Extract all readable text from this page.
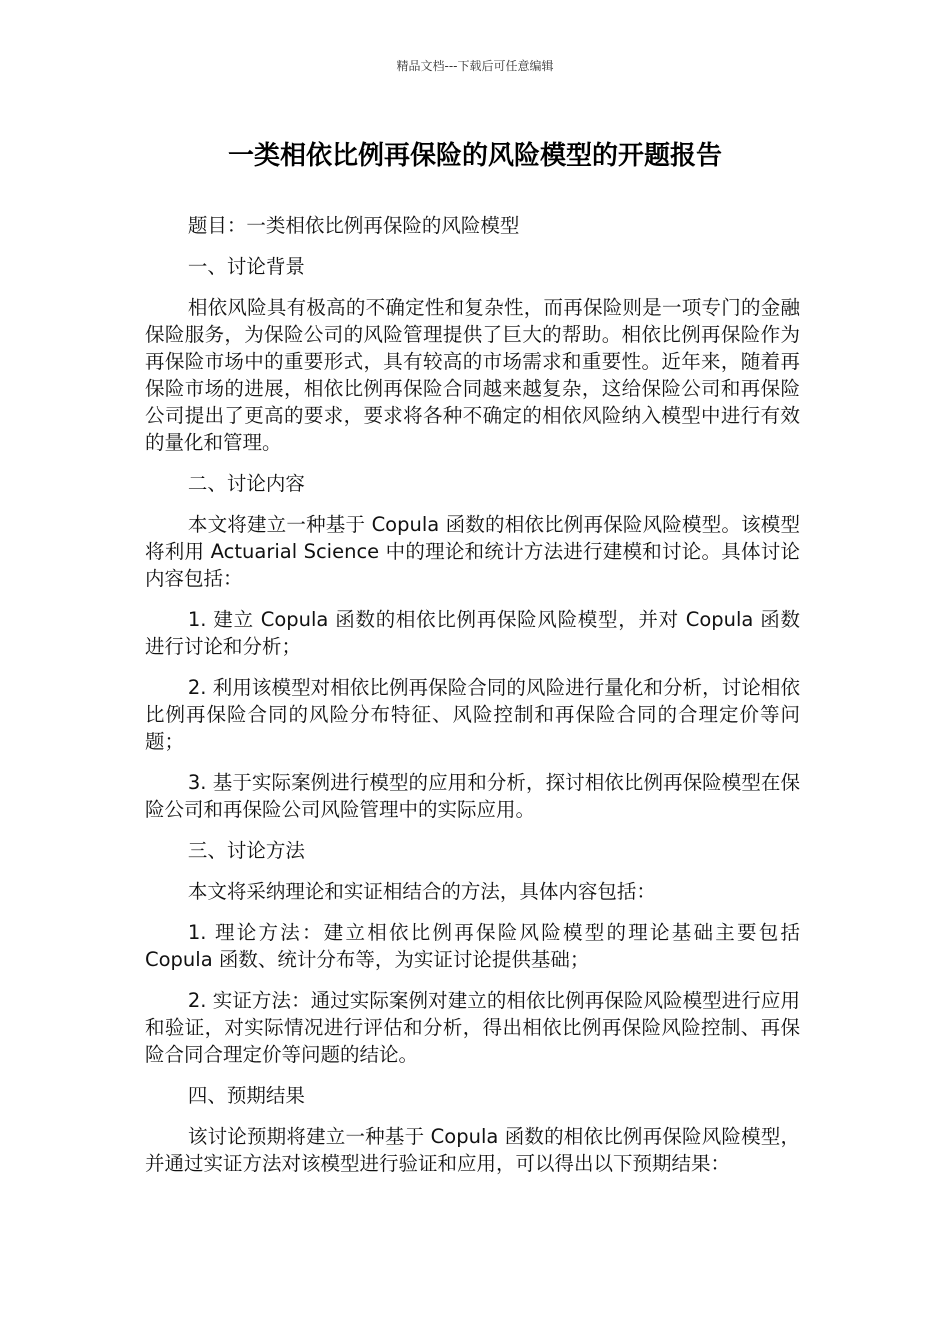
精品文档---下载后可任意编辑
一类相依比例再保险的风险模型的开题报告

题目：一类相依比例再保险的风险模型

一、讨论背景

相依风险具有极高的不确定性和复杂性，而再保险则是一项专门的金融保险服务，为保险公司的风险管理提供了巨大的帮助。相依比例再保险作为再保险市场中的重要形式，具有较高的市场需求和重要性。近年来，随着再保险市场的进展，相依比例再保险合同越来越复杂，这给保险公司和再保险公司提出了更高的要求，要求将各种不确定的相依风险纳入模型中进行有效的量化和管理。

二、讨论内容

本文将建立一种基于 Copula 函数的相依比例再保险风险模型。该模型将利用 Actuarial Science 中的理论和统计方法进行建模和讨论。具体讨论内容包括：

1. 建立 Copula 函数的相依比例再保险风险模型，并对 Copula 函数进行讨论和分析；

2. 利用该模型对相依比例再保险合同的风险进行量化和分析，讨论相依比例再保险合同的风险分布特征、风险控制和再保险合同的合理定价等问题；

3. 基于实际案例进行模型的应用和分析，探讨相依比例再保险模型在保险公司和再保险公司风险管理中的实际应用。

三、讨论方法

本文将采纳理论和实证相结合的方法，具体内容包括：

1. 理论方法：建立相依比例再保险风险模型的理论基础主要包括 Copula 函数、统计分布等，为实证讨论提供基础；

2. 实证方法：通过实际案例对建立的相依比例再保险风险模型进行应用和验证，对实际情况进行评估和分析，得出相依比例再保险风险控制、再保险合同合理定价等问题的结论。

四、预期结果

该讨论预期将建立一种基于 Copula 函数的相依比例再保险风险模型，并通过实证方法对该模型进行验证和应用，可以得出以下预期结果：
